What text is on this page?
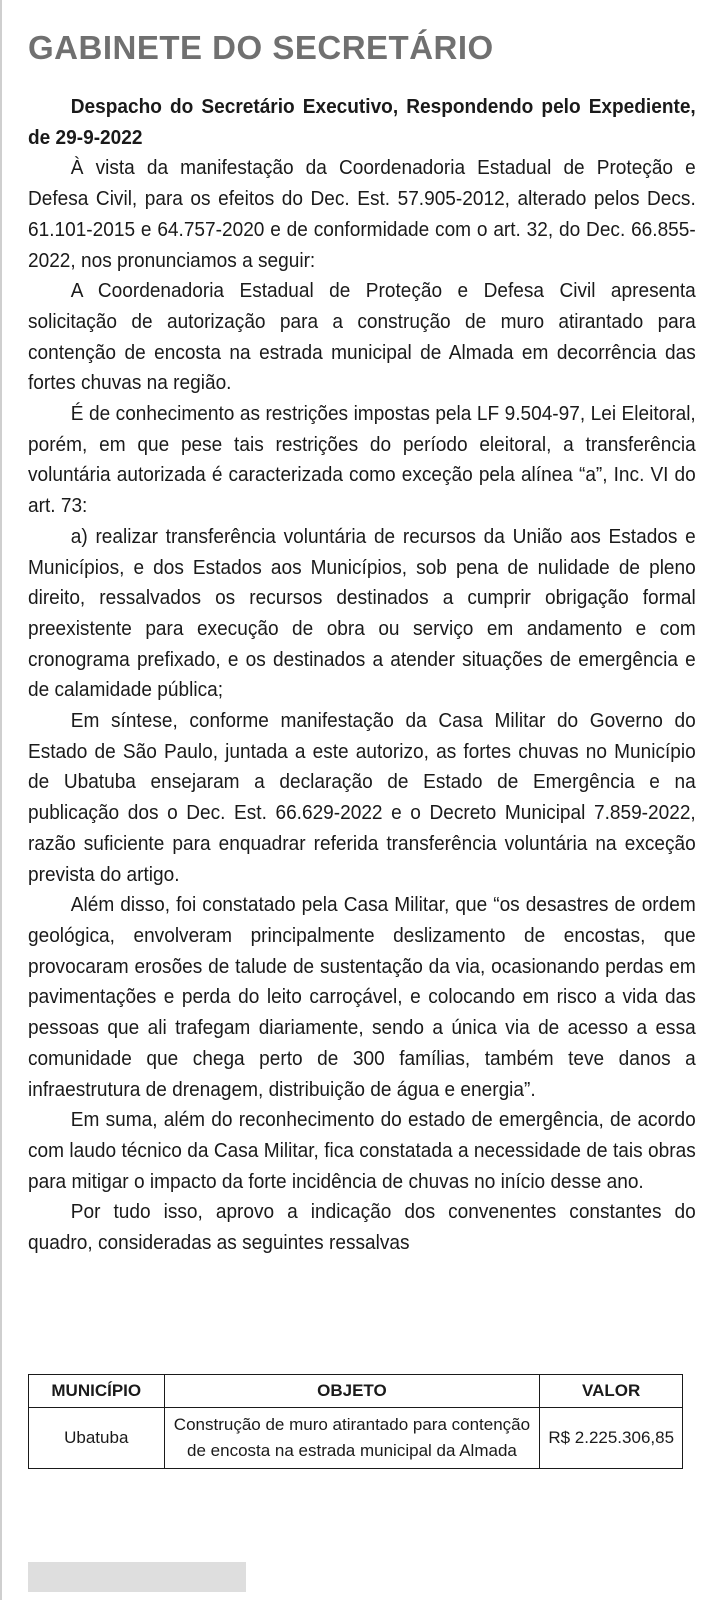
GABINETE DO SECRETÁRIO

Despacho do Secretário Executivo, Respondendo pelo Expediente, de 29-9-2022

À vista da manifestação da Coordenadoria Estadual de Proteção e Defesa Civil, para os efeitos do Dec. Est. 57.905-2012, alterado pelos Decs. 61.101-2015 e 64.757-2020 e de conformidade com o art. 32, do Dec. 66.855-2022, nos pronunciamos a seguir:

A Coordenadoria Estadual de Proteção e Defesa Civil apresenta solicitação de autorização para a construção de muro atirantado para contenção de encosta na estrada municipal de Almada em decorrência das fortes chuvas na região.

É de conhecimento as restrições impostas pela LF 9.504-97, Lei Eleitoral, porém, em que pese tais restrições do período eleitoral, a transferência voluntária autorizada é caracterizada como exceção pela alínea “a”, Inc. VI do art. 73:

a) realizar transferência voluntária de recursos da União aos Estados e Municípios, e dos Estados aos Municípios, sob pena de nulidade de pleno direito, ressalvados os recursos destinados a cumprir obrigação formal preexistente para execução de obra ou serviço em andamento e com cronograma prefixado, e os destinados a atender situações de emergência e de calamidade pública;

Em síntese, conforme manifestação da Casa Militar do Governo do Estado de São Paulo, juntada a este autorizo, as fortes chuvas no Município de Ubatuba ensejaram a declaração de Estado de Emergência e na publicação dos o Dec. Est. 66.629-2022 e o Decreto Municipal 7.859-2022, razão suficiente para enquadrar referida transferência voluntária na exceção prevista do artigo.

Além disso, foi constatado pela Casa Militar, que “os desastres de ordem geológica, envolveram principalmente deslizamento de encostas, que provocaram erosões de talude de sustentação da via, ocasionando perdas em pavimentações e perda do leito carroçável, e colocando em risco a vida das pessoas que ali trafegam diariamente, sendo a única via de acesso a essa comunidade que chega perto de 300 famílias, também teve danos a infraestrutura de drenagem, distribuição de água e energia”.

Em suma, além do reconhecimento do estado de emergência, de acordo com laudo técnico da Casa Militar, fica constatada a necessidade de tais obras para mitigar o impacto da forte incidência de chuvas no início desse ano.

Por tudo isso, aprovo a indicação dos convenentes constantes do quadro, consideradas as seguintes ressalvas

MUNICÍPIO	OBJETO	VALOR
Ubatuba	Construção de muro atirantado para contenção de encosta na estrada municipal da Almada	R$ 2.225.306,85
